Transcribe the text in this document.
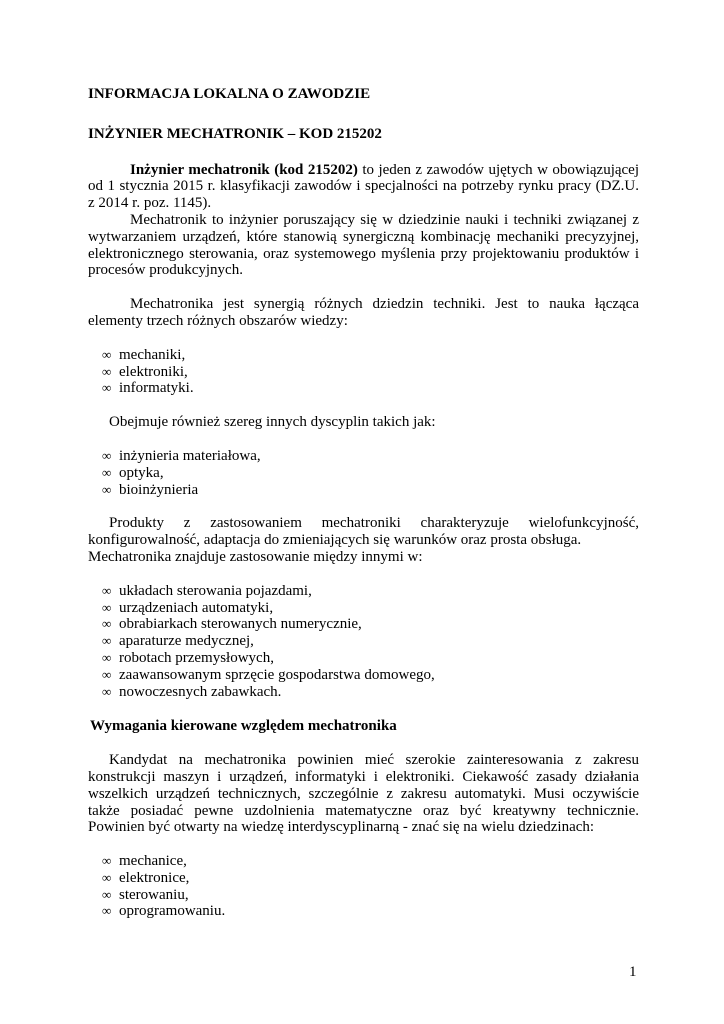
INFORMACJA LOKALNA O ZAWODZIE

INŻYNIER MECHATRONIK – KOD 215202

Inżynier mechatronik (kod 215202) to jeden z zawodów ujętych w obowiązującej od 1 stycznia 2015 r. klasyfikacji zawodów i specjalności na potrzeby rynku pracy (DZ.U. z 2014 r. poz. 1145).

Mechatronik to inżynier poruszający się w dziedzinie nauki i techniki związanej z wytwarzaniem urządzeń, które stanowią synergiczną kombinację mechaniki precyzyjnej, elektronicznego sterowania, oraz systemowego myślenia przy projektowaniu produktów i procesów produkcyjnych.

Mechatronika jest synergią różnych dziedzin techniki. Jest to nauka łącząca elementy trzech różnych obszarów wiedzy:

∞ mechaniki,
∞ elektroniki,
∞ informatyki.

Obejmuje również szereg innych dyscyplin takich jak:

∞ inżynieria materiałowa,
∞ optyka,
∞ bioinżynieria

Produkty z zastosowaniem mechatroniki charakteryzuje wielofunkcyjność, konfigurowalność, adaptacja do zmieniających się warunków oraz prosta obsługa.

Mechatronika znajduje zastosowanie między innymi w:

∞ układach sterowania pojazdami,
∞ urządzeniach automatyki,
∞ obrabiarkach sterowanych numerycznie,
∞ aparaturze medycznej,
∞ robotach przemysłowych,
∞ zaawansowanym sprzęcie gospodarstwa domowego,
∞ nowoczesnych zabawkach.

Wymagania kierowane względem mechatronika

Kandydat na mechatronika powinien mieć szerokie zainteresowania z zakresu konstrukcji maszyn i urządzeń, informatyki i elektroniki. Ciekawość zasady działania wszelkich urządzeń technicznych, szczególnie z zakresu automatyki. Musi oczywiście także posiadać pewne uzdolnienia matematyczne oraz być kreatywny technicznie. Powinien być otwarty na wiedzę interdyscyplinarną - znać się na wielu dziedzinach:

∞ mechanice,
∞ elektronice,
∞ sterowaniu,
∞ oprogramowaniu.
1
